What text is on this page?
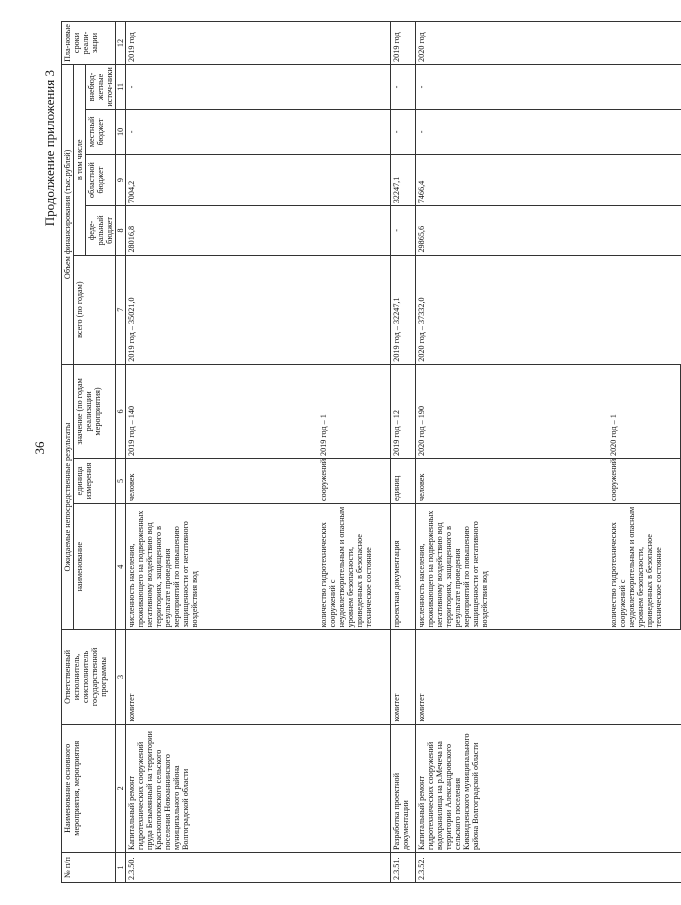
36
Продолжение приложения 3
№ п/п	Наименование основного мероприятия, мероприятия	Ответственный исполнитель, соисполнитель государственной программы	Ожидаемые непосредственные результаты			Объем финансирования (тыс.рублей)					Пла-новые сроки реали-зации
			наименование	единица измерения	значение (по годам реализации мероприятия)	всего (по годам)	в том числе				
							феде-ральный бюджет	областной бюджет	местный бюджет	внебюд-жетные источ-ники	
1	2	3	4	5	6	7	8	9	10	11	12
2.3.50.	Капитальный ремонт гидротехнических сооружений пруда Безымянный на территории Краснопоповского сельского поселения Новоаннинского муниципального района Волгоградской области	комитет	численность населения, проживающего на подверженных негативному воздействию вод территориях, защищенного в результате проведения мероприятий по повышению защищенности от негативного воздействия вод	человек	2019 год – 140	2019 год – 35021,0	28016,8	7004,2	-	-	2019 год
			количество гидротехнических сооружений с неудовлетворительным и опасным уровнем безопасности, приведенных в безопасное техническое состояние	сооружений	2019 год – 1						
2.3.51.	Разработка проектной документации	комитет	проектная документация	единиц	2019 год – 12	2019 год – 32247,1	-	32247,1	-	-	2019 год
2.3.52.	Капитальный ремонт гидротехнических сооружений водохранилища на р.Мечеча на территории Александровского сельского поселения Киквидзенского муниципального района Волгоградской области	комитет	численность населения, проживающего на подверженных негативному воздействию вод территориях, защищенного в результате проведения мероприятий по повышению защищенности от негативного воздействия вод	человек	2020 год – 190	2020 год – 37332,0	29865,6	7466,4	-	-	2020 год
			количество гидротехнических сооружений с неудовлетворительным и опасным уровнем безопасности, приведенных в безопасное техническое состояние	сооружений	2020 год – 1						
